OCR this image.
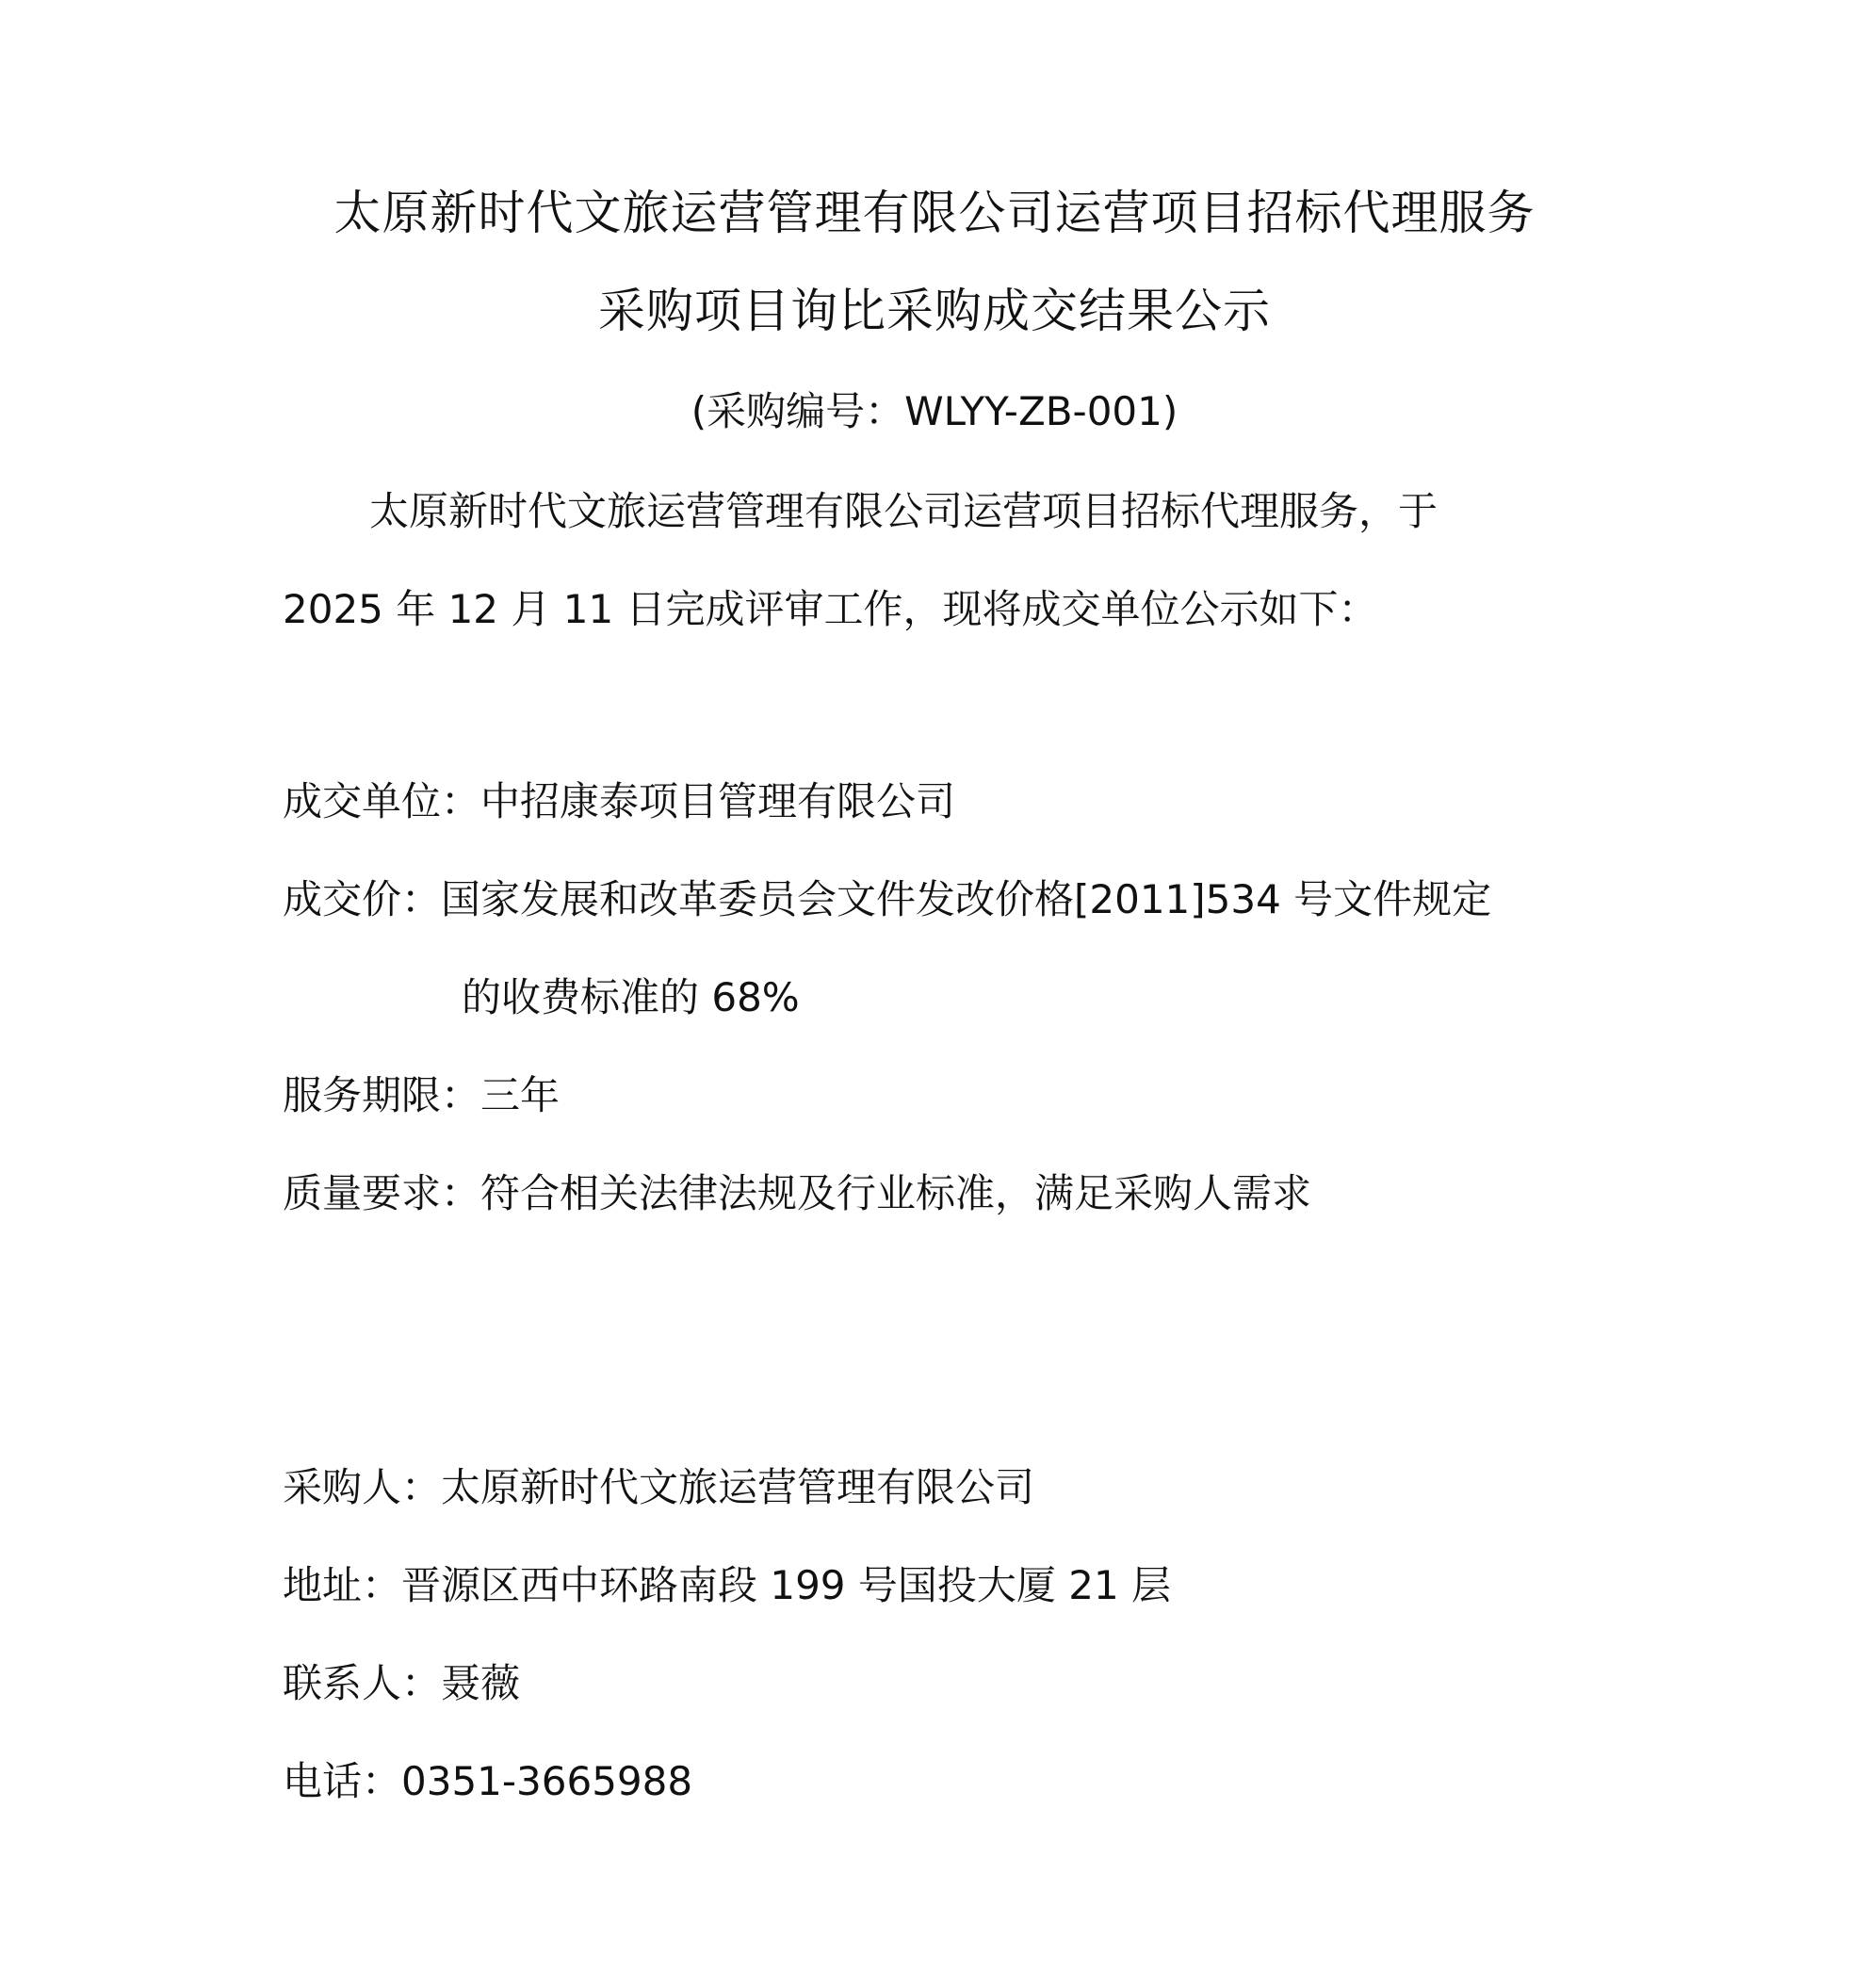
太原新时代文旅运营管理有限公司运营项目招标代理服务
采购项目询比采购成交结果公示
(采购编号：WLYY-ZB-001)
太原新时代文旅运营管理有限公司运营项目招标代理服务，于
2025 年 12 月 11 日完成评审工作，现将成交单位公示如下：
成交单位：中招康泰项目管理有限公司
成交价：国家发展和改革委员会文件发改价格[2011]534 号文件规定
的收费标准的 68%
服务期限：三年
质量要求：符合相关法律法规及行业标准，满足采购人需求
采购人：太原新时代文旅运营管理有限公司
地址：晋源区西中环路南段 199 号国投大厦 21 层
联系人：聂薇
电话：0351-3665988
